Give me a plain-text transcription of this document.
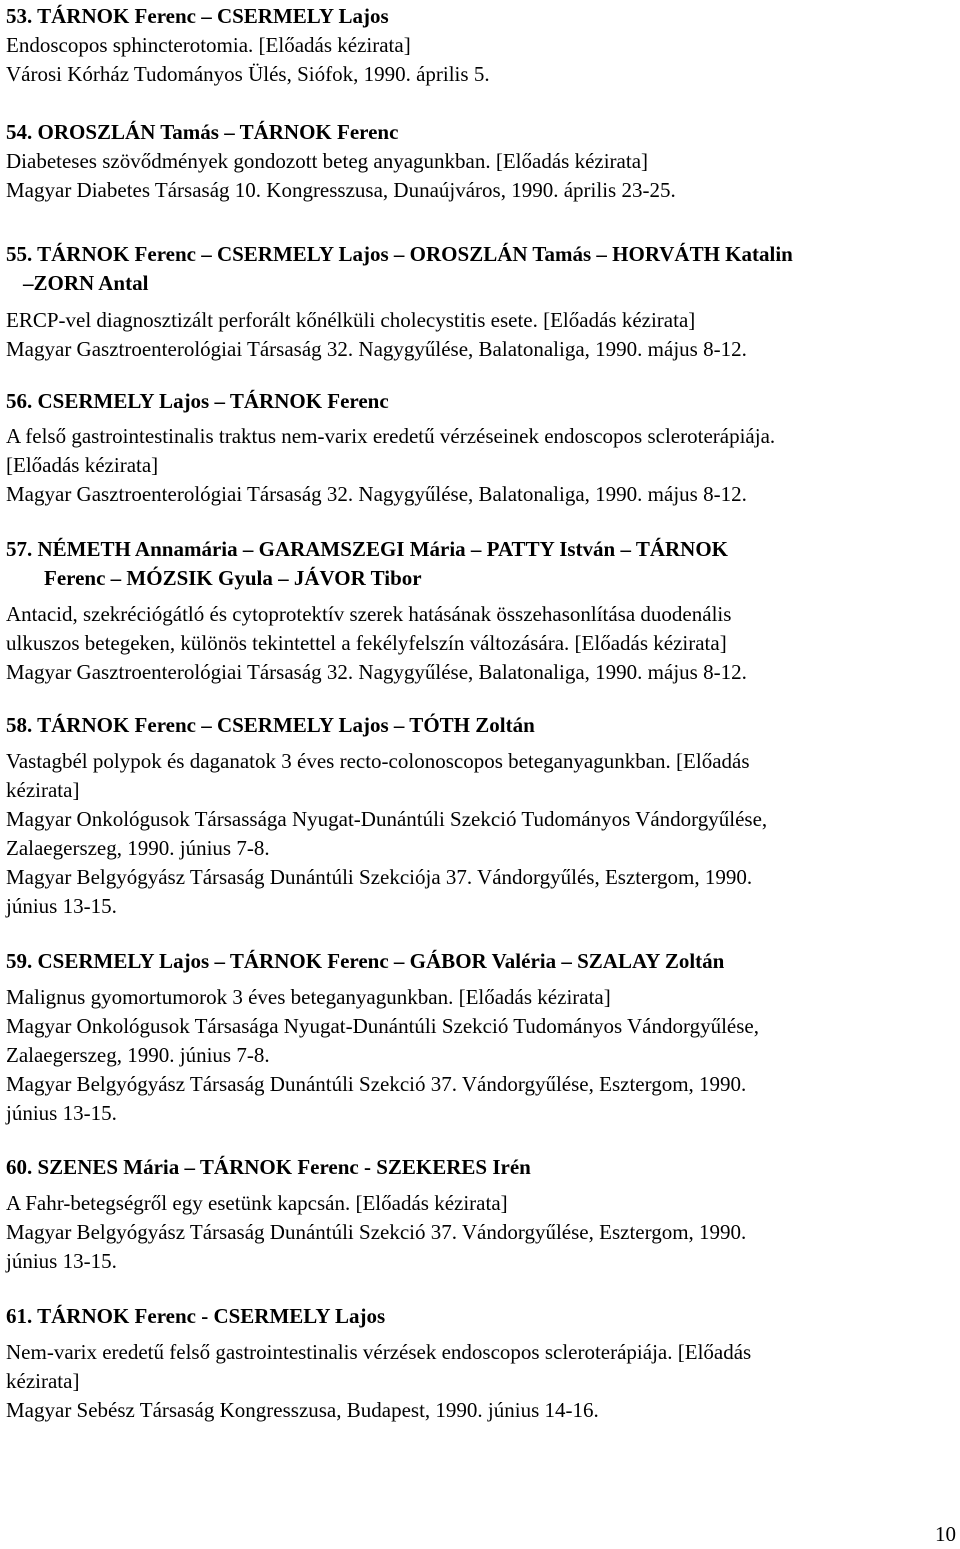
53. TÁRNOK Ferenc – CSERMELY Lajos

Endoscopos sphincterotomia. [Előadás kézirata]

Városi Kórház Tudományos Ülés, Siófok, 1990. április 5.

54. OROSZLÁN Tamás – TÁRNOK Ferenc

Diabeteses szövődmények gondozott beteg anyagunkban. [Előadás kézirata]

Magyar Diabetes Társaság 10. Kongresszusa, Dunaújváros, 1990. április 23-25.

55. TÁRNOK Ferenc – CSERMELY Lajos – OROSZLÁN Tamás – HORVÁTH Katalin

–ZORN Antal

ERCP-vel diagnosztizált perforált kőnélküli cholecystitis esete. [Előadás kézirata]

Magyar Gasztroenterológiai Társaság 32. Nagygyűlése, Balatonaliga, 1990. május 8-12.

56. CSERMELY Lajos – TÁRNOK Ferenc

A felső gastrointestinalis traktus nem-varix eredetű vérzéseinek endoscopos scleroterápiája.

[Előadás kézirata]

Magyar Gasztroenterológiai Társaság 32. Nagygyűlése, Balatonaliga, 1990. május 8-12.

57. NÉMETH Annamária – GARAMSZEGI Mária – PATTY István – TÁRNOK

Ferenc – MÓZSIK Gyula – JÁVOR Tibor

Antacid, szekréciógátló és cytoprotektív szerek hatásának összehasonlítása duodenális

ulkuszos betegeken, különös tekintettel a fekélyfelszín változására. [Előadás kézirata]

Magyar Gasztroenterológiai Társaság 32. Nagygyűlése, Balatonaliga, 1990. május 8-12.

58. TÁRNOK Ferenc – CSERMELY Lajos – TÓTH Zoltán

Vastagbél polypok és daganatok 3 éves recto-colonoscopos beteganyagunkban. [Előadás

kézirata]

Magyar Onkológusok Társassága Nyugat-Dunántúli Szekció Tudományos Vándorgyűlése,

Zalaegerszeg, 1990. június 7-8.

Magyar Belgyógyász Társaság Dunántúli Szekciója 37. Vándorgyűlés, Esztergom, 1990.

június 13-15.

59. CSERMELY Lajos – TÁRNOK Ferenc – GÁBOR Valéria – SZALAY Zoltán

Malignus gyomortumorok 3 éves beteganyagunkban. [Előadás kézirata]

Magyar Onkológusok Társasága Nyugat-Dunántúli Szekció Tudományos Vándorgyűlése,

Zalaegerszeg, 1990. június 7-8.

Magyar Belgyógyász Társaság Dunántúli Szekció 37. Vándorgyűlése, Esztergom, 1990.

június 13-15.

60. SZENES Mária – TÁRNOK Ferenc - SZEKERES Irén

A Fahr-betegségről egy esetünk kapcsán. [Előadás kézirata]

Magyar Belgyógyász Társaság Dunántúli Szekció 37. Vándorgyűlése, Esztergom, 1990.

június 13-15.

61. TÁRNOK Ferenc - CSERMELY Lajos

Nem-varix eredetű felső gastrointestinalis vérzések endoscopos scleroterápiája. [Előadás

kézirata]

Magyar Sebész Társaság Kongresszusa, Budapest, 1990. június 14-16.

10
